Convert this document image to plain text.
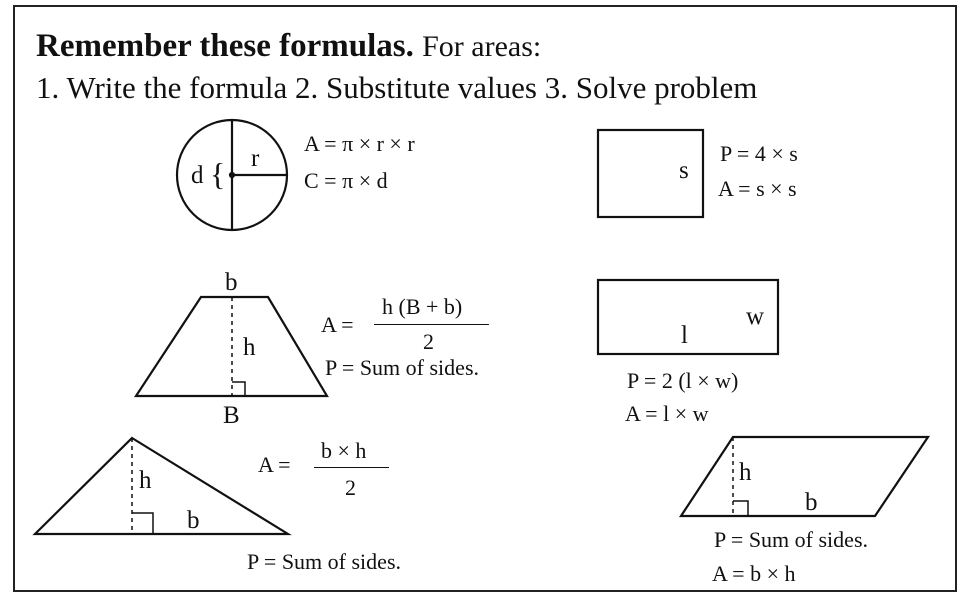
Remember these formulas. For areas:
1. Write the formula 2. Substitute values 3. Solve problem
{
d
r
A = π × r × r
C = π × d	s
P = 4 × s
A = s × s
b
h
B
A =
h (B + b)
2
P = Sum of sides.
w
l
P = 2 (l × w)
A = l × w
h
b
A =
b × h
2
P = Sum of sides.
h
b
P = Sum of sides.
A = b × h
